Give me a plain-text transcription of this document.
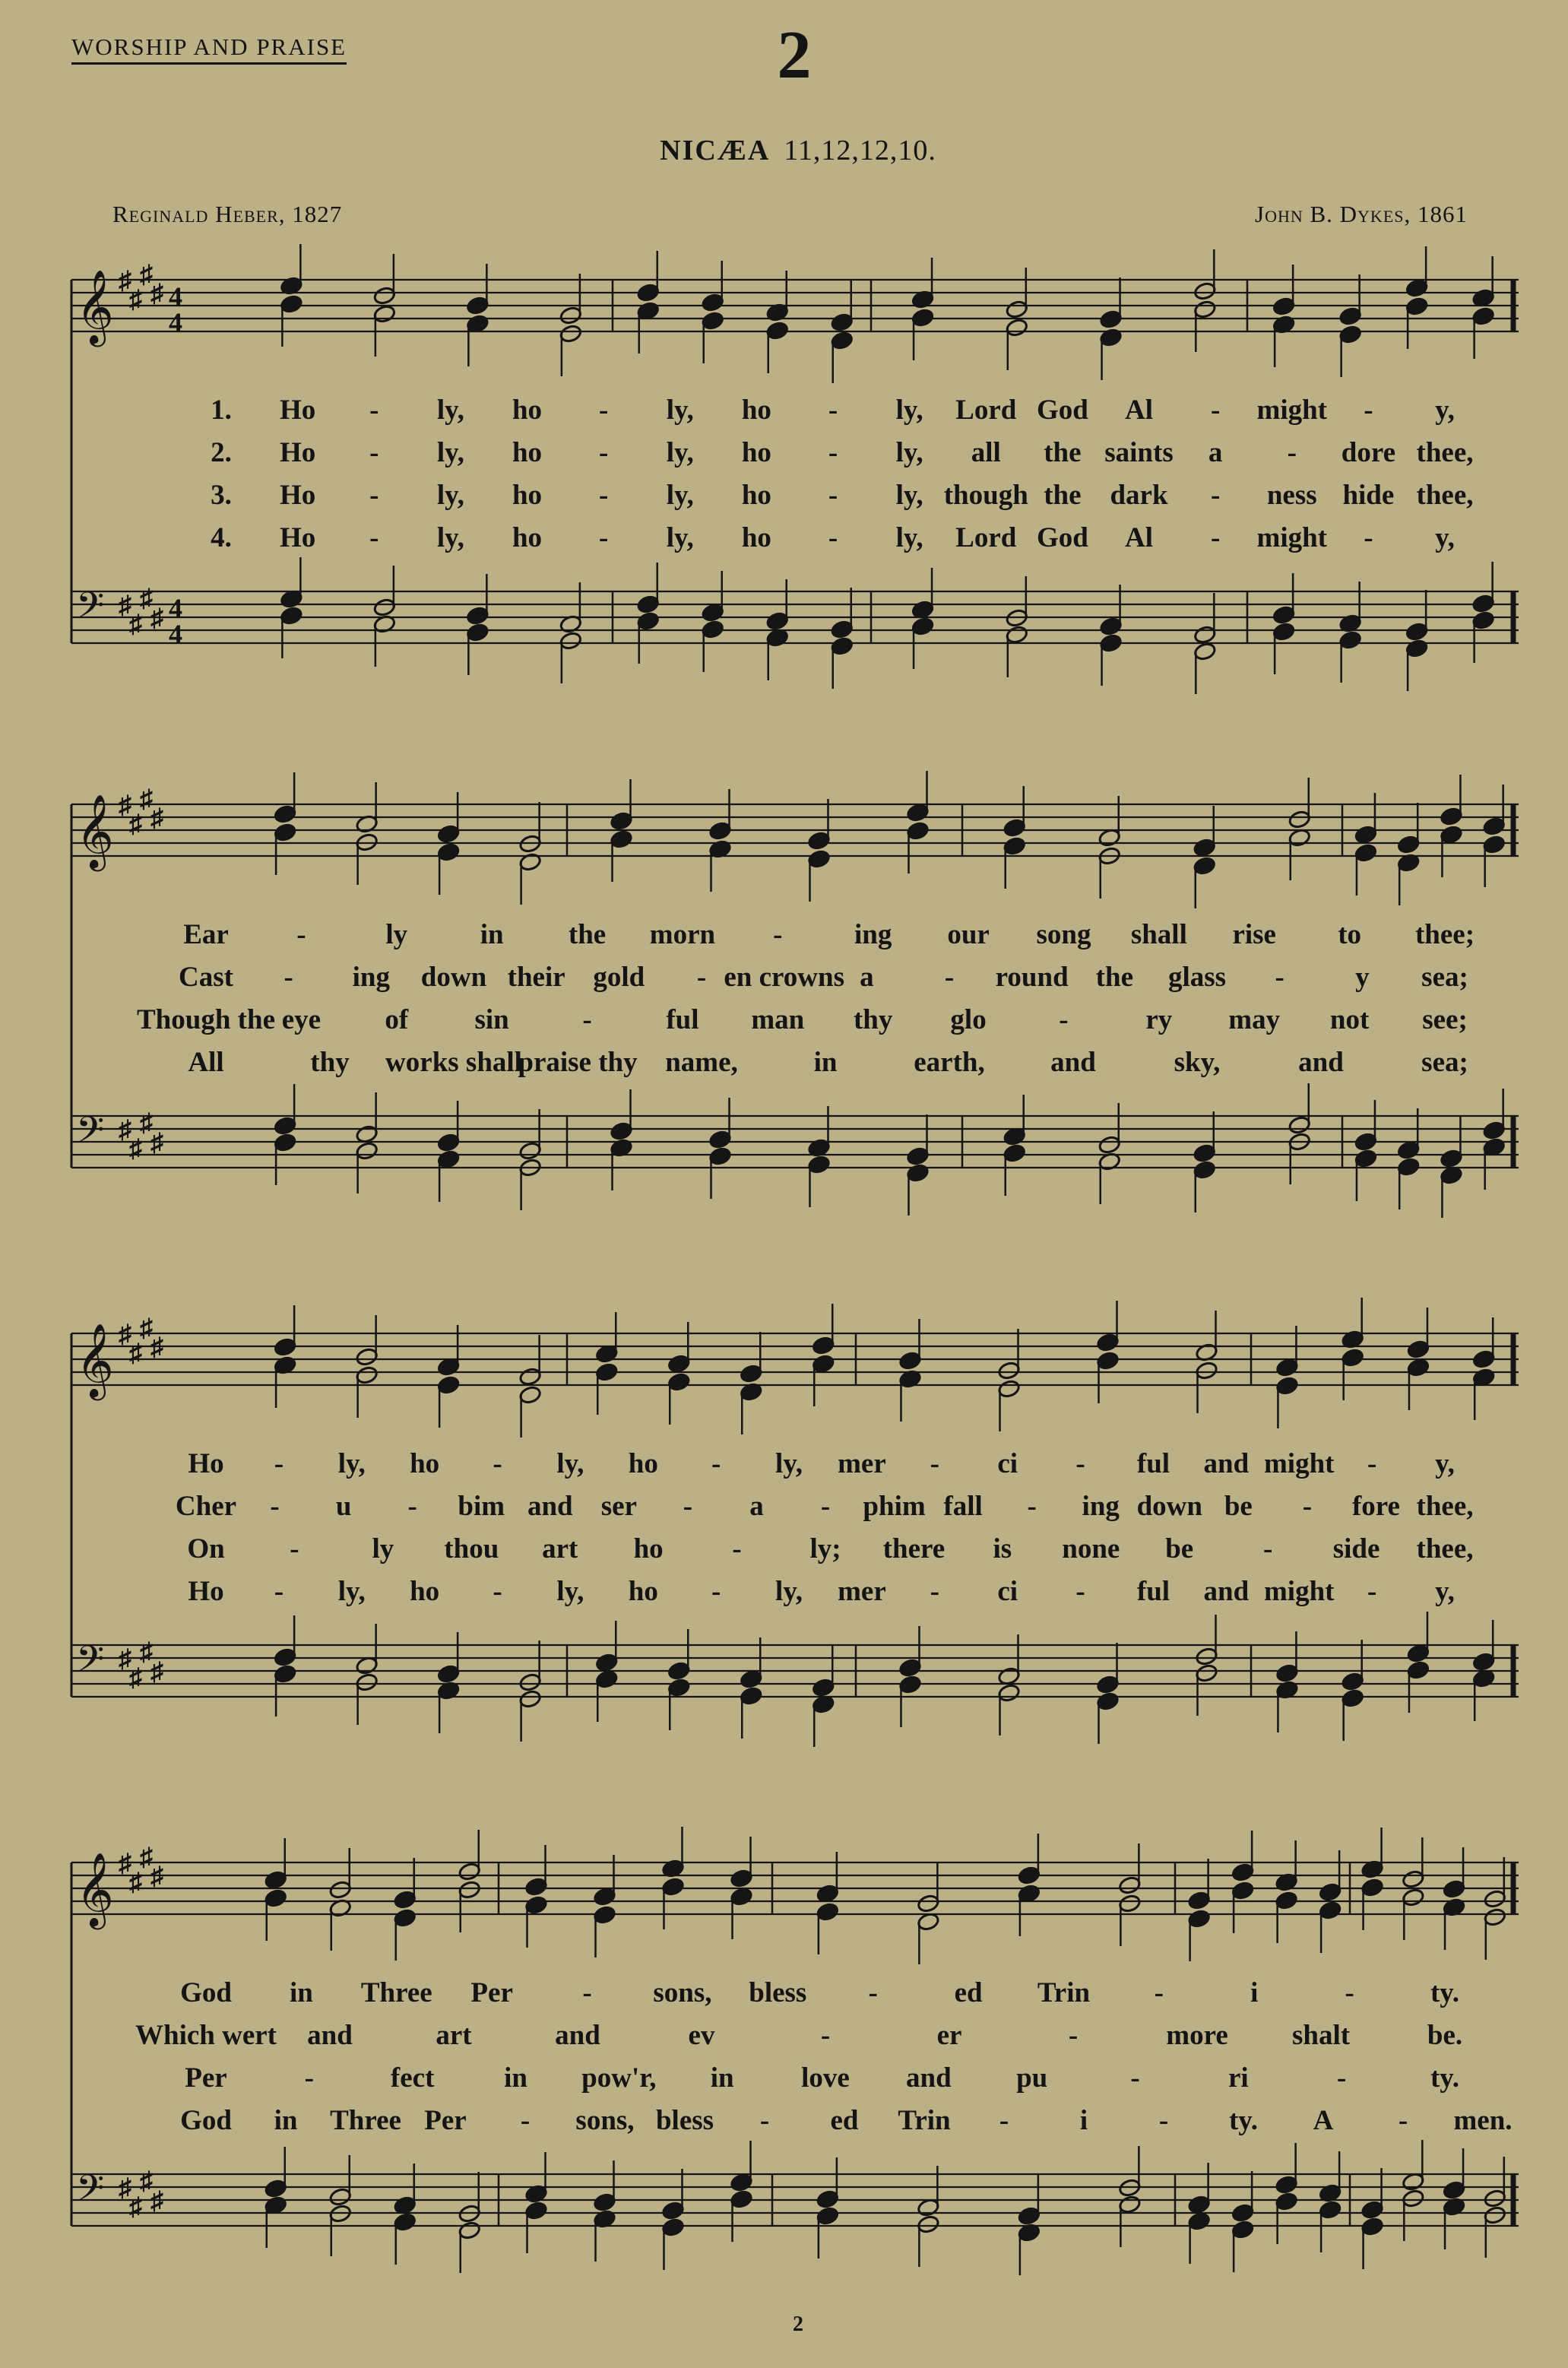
WORSHIP AND PRAISE	2
NICÆA 11,12,12,10.
Reginald Heber, 1827	John B. Dykes, 1861
𝄞
𝄢
♯
♯
♯
♯
♯
♯
♯
♯
4
4
4
4
1. Ho - ly, ho - ly, ho - ly, Lord God Al - might - y,
2. Ho - ly, ho - ly, ho - ly, all the saints a - dore thee,
3. Ho - ly, ho - ly, ho - ly, though the dark - ness hide thee,
4. Ho - ly, ho - ly, ho - ly, Lord God Al - might - y,
𝄞
𝄢
♯
♯
♯
♯
♯
♯
♯
♯
Ear -	ly	in the morn -	ing our song shall rise to thee;
Cast - ing down their gold - en crowns a	- round the glass -	y sea;
Though the eye of sin	-	ful man thy glo	-	ry may not see;
All	thy works shall
praise thy name,	in	earth, and	sky,	and	sea;
𝄞
𝄢
♯
♯
♯
♯
♯
♯
♯
♯
Ho - ly, ho - ly, ho - ly, mer - ci - ful and might - y,
Cher - u - bim and ser - a - phim fall - ing down be - fore thee,
On -	ly thou art ho - ly; there is none be - side thee,
Ho - ly, ho - ly, ho - ly, mer - ci - ful and might - y,
𝄞
𝄢
♯
♯
♯
♯
♯
♯
♯
♯
God in Three Per - sons, bless -	ed Trin -	i	-	ty.
Which wert and	art	and	ev	-	er	-	more shalt	be.
Per	-	fect in pow'r, in love and pu	-	ri	-	ty.
God in Three Per - sons, bless - ed Trin -	i	- ty. A - men.
2
